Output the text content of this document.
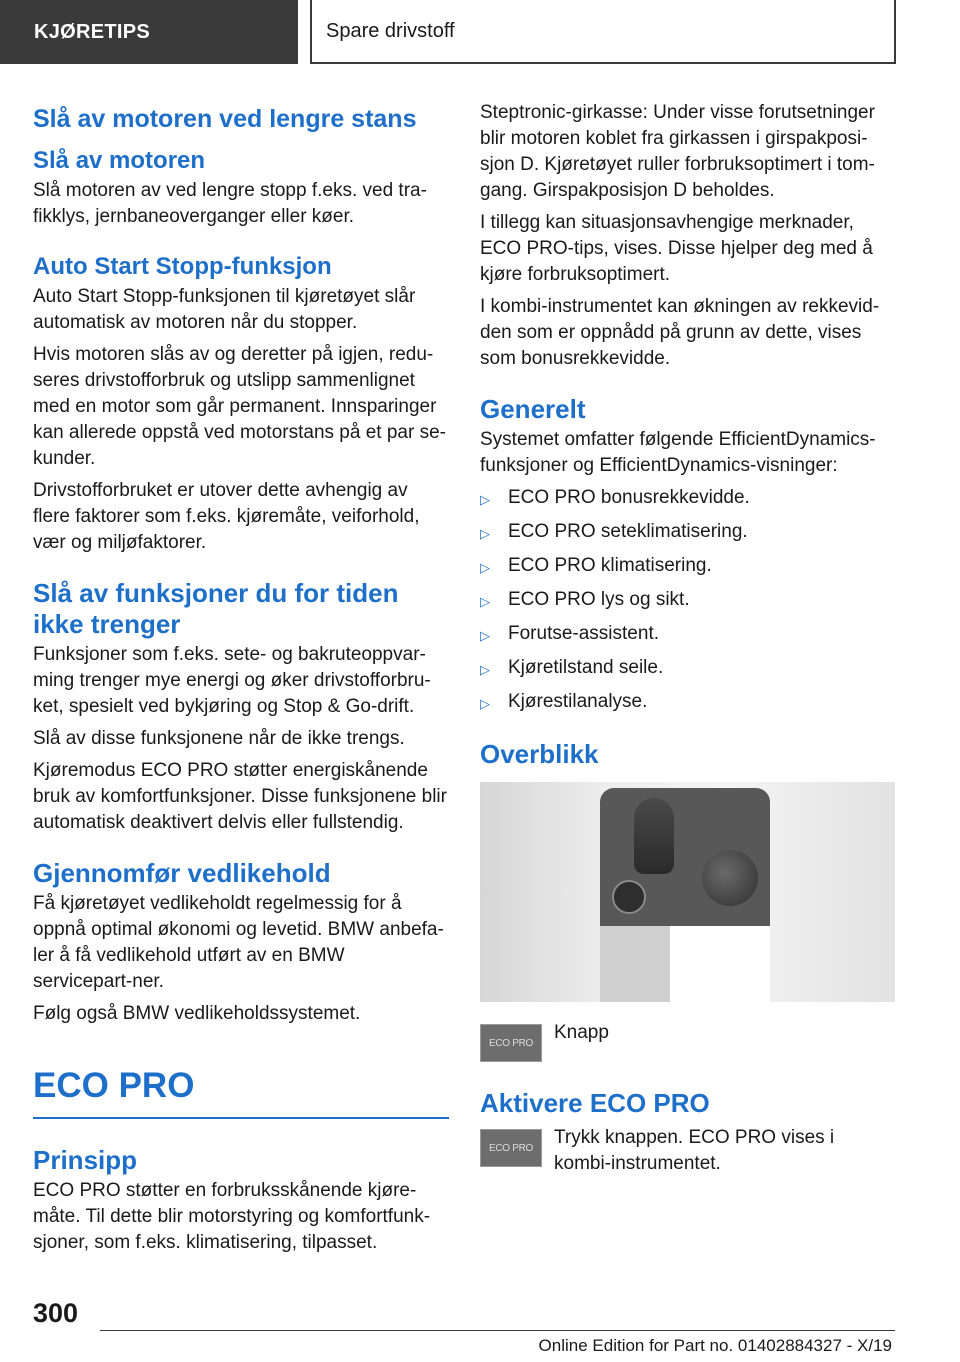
KJØRETIPS	Spare drivstoff
Slå av motoren ved lengre stans
Slå av motoren

Slå motoren av ved lengre stopp f.eks. ved tra-fikklys, jernbaneoverganger eller køer.

Auto Start Stopp-funksjon

Auto Start Stopp-funksjonen til kjøretøyet slår automatisk av motoren når du stopper.

Hvis motoren slås av og deretter på igjen, redu-seres drivstofforbruk og utslipp sammenlignet med en motor som går permanent. Innsparinger kan allerede oppstå ved motorstans på et par se-kunder.

Drivstofforbruket er utover dette avhengig av flere faktorer som f.eks. kjøremåte, veiforhold, vær og miljøfaktorer.

Slå av funksjoner du for tiden ikke trenger

Funksjoner som f.eks. sete- og bakruteoppvar-ming trenger mye energi og øker drivstofforbru-ket, spesielt ved bykjøring og Stop & Go-drift.

Slå av disse funksjonene når de ikke trengs.

Kjøremodus ECO PRO støtter energiskånende bruk av komfortfunksjoner. Disse funksjonene blir automatisk deaktivert delvis eller fullstendig.

Gjennomfør vedlikehold

Få kjøretøyet vedlikeholdt regelmessig for å oppnå optimal økonomi og levetid. BMW anbefa-ler å få vedlikehold utført av en BMW servicepart-ner.

Følg også BMW vedlikeholdssystemet.

ECO PRO
Prinsipp

ECO PRO støtter en forbruksskånende kjøre-måte. Til dette blir motorstyring og komfortfunk-sjoner, som f.eks. klimatisering, tilpasset.

Steptronic-girkasse: Under visse forutsetninger blir motoren koblet fra girkassen i girspakposi-sjon D. Kjøretøyet ruller forbruksoptimert i tom-gang. Girspakposisjon D beholdes.

I tillegg kan situasjonsavhengige merknader, ECO PRO-tips, vises. Disse hjelper deg med å kjøre forbruksoptimert.

I kombi-instrumentet kan økningen av rekkevid-den som er oppnådd på grunn av dette, vises som bonusrekkevidde.

Generelt

Systemet omfatter følgende EfficientDynamics-funksjoner og EfficientDynamics-visninger:

▷ ECO PRO bonusrekkevidde.
▷ ECO PRO seteklimatisering.
▷ ECO PRO klimatisering.
▷ ECO PRO lys og sikt.
▷ Forutse-assistent.
▷ Kjøretilstand seile.
▷ Kjørestilanalyse.
Overblikk
ECO PRO

Knapp

Aktivere ECO PRO
ECO PRO

Trykk knappen. ECO PRO vises i kombi-instrumentet.

300
Online Edition for Part no. 01402884327 - X/19
